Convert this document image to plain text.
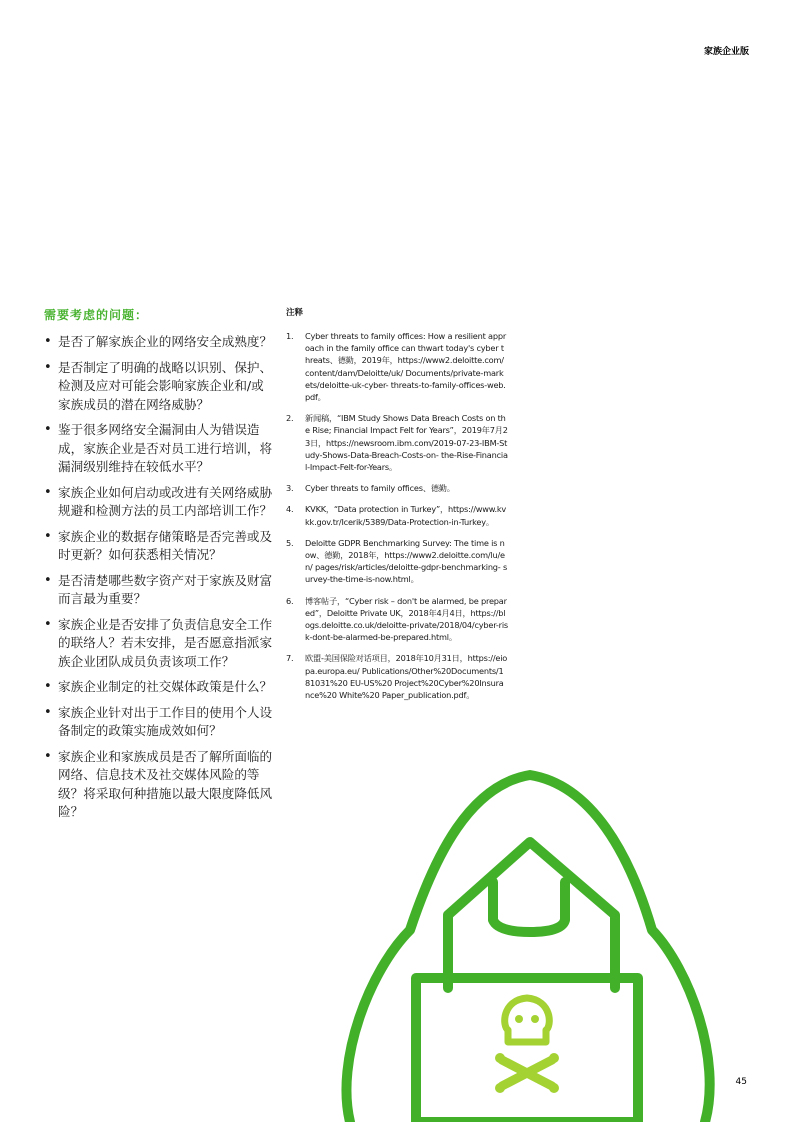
家族企业版
需要考虑的问题：
• 是否了解家族企业的网络安全成熟度？
• 是否制定了明确的战略以识别、保护、检测及应对可能会影响家族企业和/或家族成员的潜在网络威胁？
• 鉴于很多网络安全漏洞由人为错误造成，家族企业是否对员工进行培训，将漏洞级别维持在较低水平？
• 家族企业如何启动或改进有关网络威胁规避和检测方法的员工内部培训工作？
• 家族企业的数据存储策略是否完善或及时更新？如何获悉相关情况？
• 是否清楚哪些数字资产对于家族及财富而言最为重要？
• 家族企业是否安排了负责信息安全工作的联络人？若未安排，是否愿意指派家族企业团队成员负责该项工作？
• 家族企业制定的社交媒体政策是什么？
• 家族企业针对出于工作目的使用个人设备制定的政策实施成效如何？
• 家族企业和家族成员是否了解所面临的网络、信息技术及社交媒体风险的等级？将采取何种措施以最大限度降低风险？
注释
1.	Cyber threats to family offices: How a resilient approach in the family office can thwart today's cyber threats、德勤，2019年，https://www2.deloitte.com/content/dam/Deloitte/uk/ Documents/private-markets/deloitte-uk-cyber- threats-to-family-offices-web.pdf。
2.	新闻稿，“IBM Study Shows Data Breach Costs on the Rise; Financial Impact Felt for Years”，2019年7月23日，https://newsroom.ibm.com/2019-07-23-IBM-Study-Shows-Data-Breach-Costs-on- the-Rise-Financial-Impact-Felt-for-Years。
3.	Cyber threats to family offices、德勤。
4.	KVKK，“Data protection in Turkey”，https://www.kvkk.gov.tr/Icerik/5389/Data-Protection-in-Turkey。
5.	Deloitte GDPR Benchmarking Survey: The time is now、德勤，2018年，https://www2.deloitte.com/lu/en/ pages/risk/articles/deloitte-gdpr-benchmarking- survey-the-time-is-now.html。
6.	博客帖子，“Cyber risk – don't be alarmed, be prepared”，Deloitte Private UK，2018年4月4日，https://blogs.deloitte.co.uk/deloitte-private/2018/04/cyber-risk-dont-be-alarmed-be-prepared.html。
7.	欧盟-美国保险对话项目，2018年10月31日，https://eiopa.europa.eu/ Publications/Other%20Documents/181031%20 EU-US%20 Project%20Cyber%20Insurance%20 White%20 Paper_publication.pdf。
45
